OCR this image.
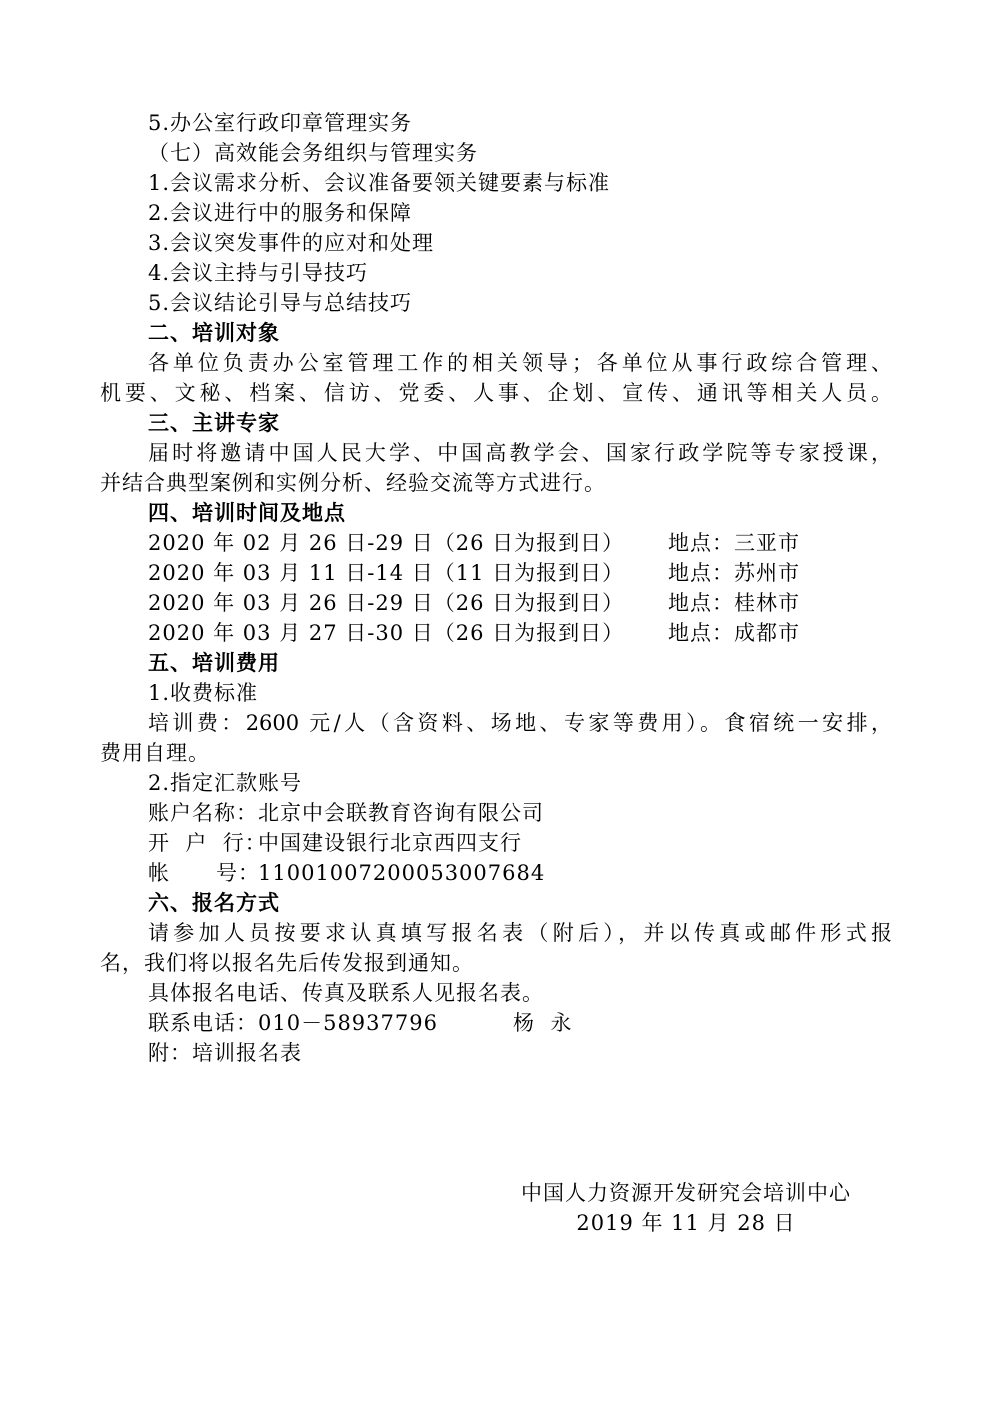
5.办公室行政印章管理实务
（七）高效能会务组织与管理实务
1.会议需求分析、会议准备要领关键要素与标准
2.会议进行中的服务和保障
3.会议突发事件的应对和处理
4.会议主持与引导技巧
5.会议结论引导与总结技巧
二、培训对象
各单位负责办公室管理工作的相关领导；各单位从事行政综合管理、
机要、文秘、档案、信访、党委、人事、企划、宣传、通讯等相关人员。
三、主讲专家
届时将邀请中国人民大学、中国高教学会、国家行政学院等专家授课，
并结合典型案例和实例分析、经验交流等方式进行。
四、培训时间及地点
2020 年 02 月 26 日-29 日（26 日为报到日） 地点：三亚市
2020 年 03 月 11 日-14 日（11 日为报到日） 地点：苏州市
2020 年 03 月 26 日-29 日（26 日为报到日） 地点：桂林市
2020 年 03 月 27 日-30 日（26 日为报到日） 地点：成都市
五、培训费用
1.收费标准
培训费：2600 元/人（含资料、场地、专家等费用）。食宿统一安排，
费用自理。
2.指定汇款账号
账户名称：北京中会联教育咨询有限公司
开  户  行：中国建设银行北京西四支行
帐      号：11001007200053007684
六、报名方式
请参加人员按要求认真填写报名表（附后），并以传真或邮件形式报
名，我们将以报名先后传发报到通知。
具体报名电话、传真及联系人见报名表。
联系电话：010－58937796	杨  永
附：培训报名表
中国人力资源开发研究会培训中心
2019 年 11 月 28 日
